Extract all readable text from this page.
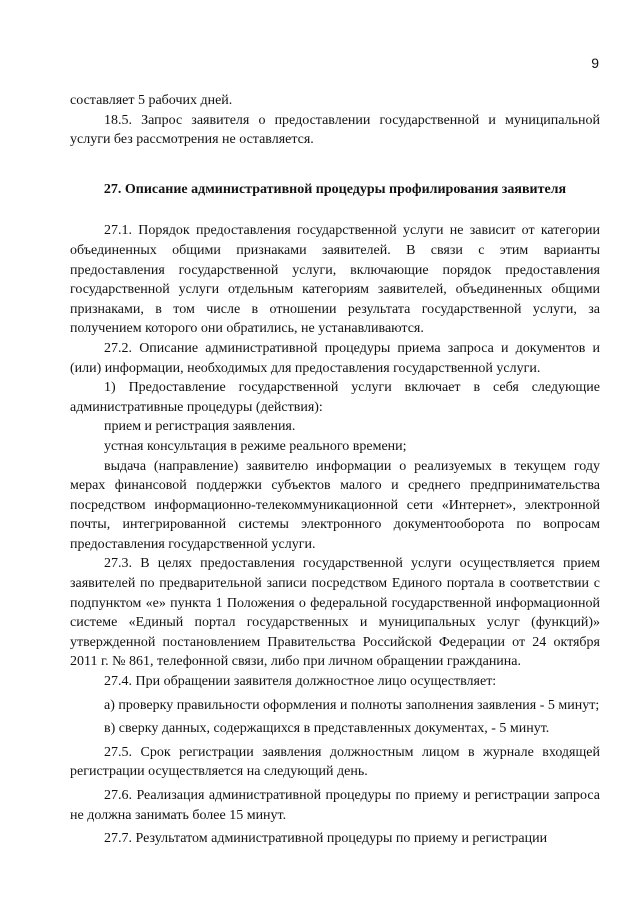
9

составляет 5 рабочих дней.

18.5. Запрос заявителя о предоставлении государственной и муниципальной услуги без рассмотрения не оставляется.

27. Описание административной процедуры профилирования заявителя

27.1. Порядок предоставления государственной услуги не зависит от категории объединенных общими признаками заявителей. В связи с этим варианты предоставления государственной услуги, включающие порядок предоставления государственной услуги отдельным категориям заявителей, объединенных общими признаками, в том числе в отношении результата государственной услуги, за получением которого они обратились, не устанавливаются.

27.2. Описание административной процедуры приема запроса и документов и (или) информации, необходимых для предоставления государственной услуги.

1) Предоставление государственной услуги включает в себя следующие административные процедуры (действия):

прием и регистрация заявления.

устная консультация в режиме реального времени;

выдача (направление) заявителю информации о реализуемых в текущем году мерах финансовой поддержки субъектов малого и среднего предпринимательства посредством информационно-телекоммуникационной сети «Интернет», электронной почты, интегрированной системы электронного документооборота по вопросам предоставления государственной услуги.

27.3. В целях предоставления государственной услуги осуществляется прием заявителей по предварительной записи посредством Единого портала в соответствии с подпунктом «е» пункта 1 Положения о федеральной государственной информационной системе «Единый портал государственных и муниципальных услуг (функций)» утвержденной постановлением Правительства Российской Федерации от 24 октября 2011 г. № 861, телефонной связи, либо при личном обращении гражданина.

27.4. При обращении заявителя должностное лицо осуществляет:

а) проверку правильности оформления и полноты заполнения заявления - 5 минут;

в) сверку данных, содержащихся в представленных документах, - 5 минут.

27.5. Срок регистрации заявления должностным лицом в журнале входящей регистрации осуществляется на следующий день.

27.6. Реализация административной процедуры по приему и регистрации запроса не должна занимать более 15 минут.

27.7. Результатом административной процедуры по приему и регистрации
